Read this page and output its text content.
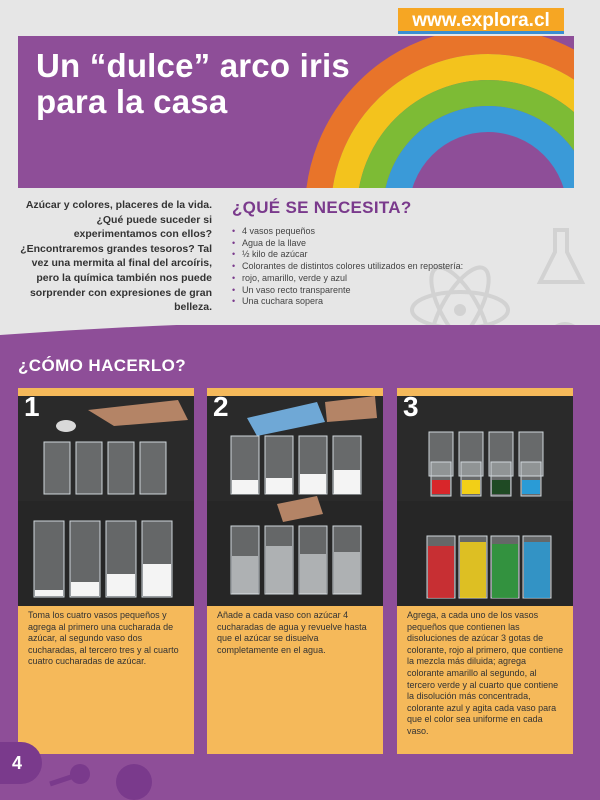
Un “dulce” arco iris
para la casa
www.explora.cl

Azúcar y colores, placeres de la vida. ¿Qué puede suceder si experimentamos con ellos? ¿Encontraremos grandes tesoros? Tal vez una mermita al final del arcoíris, pero la química también nos puede sorprender con expresiones de gran belleza.

¿QUÉ SE NECESITA?
• 4 vasos pequeños
• Agua de la llave
• ½ kilo de azúcar
• Colorantes de distintos colores utilizados en repostería:
• rojo, amarillo, verde y azul
• Un vaso recto transparente
• Una cuchara sopera
¿CÓMO HACERLO?
1

Toma los cuatro vasos pequeños y agrega al primero una cucharada de azúcar, al segundo vaso dos cucharadas, al tercero tres y al cuarto cuatro cucharadas de azúcar.

2

Añade a cada vaso con azúcar 4 cucharadas de agua y revuelve hasta que el azúcar se disuelva completamente en el agua.

3

Agrega, a cada uno de los vasos pequeños que contienen las disoluciones de azúcar 3 gotas de colorante, rojo al primero, que contiene la mezcla más diluida; agrega colorante amarillo al segundo, al tercero verde y al cuarto que contiene la disolución más concentrada, colorante azul y agita cada vaso para que el color sea uniforme en cada vaso.

4
